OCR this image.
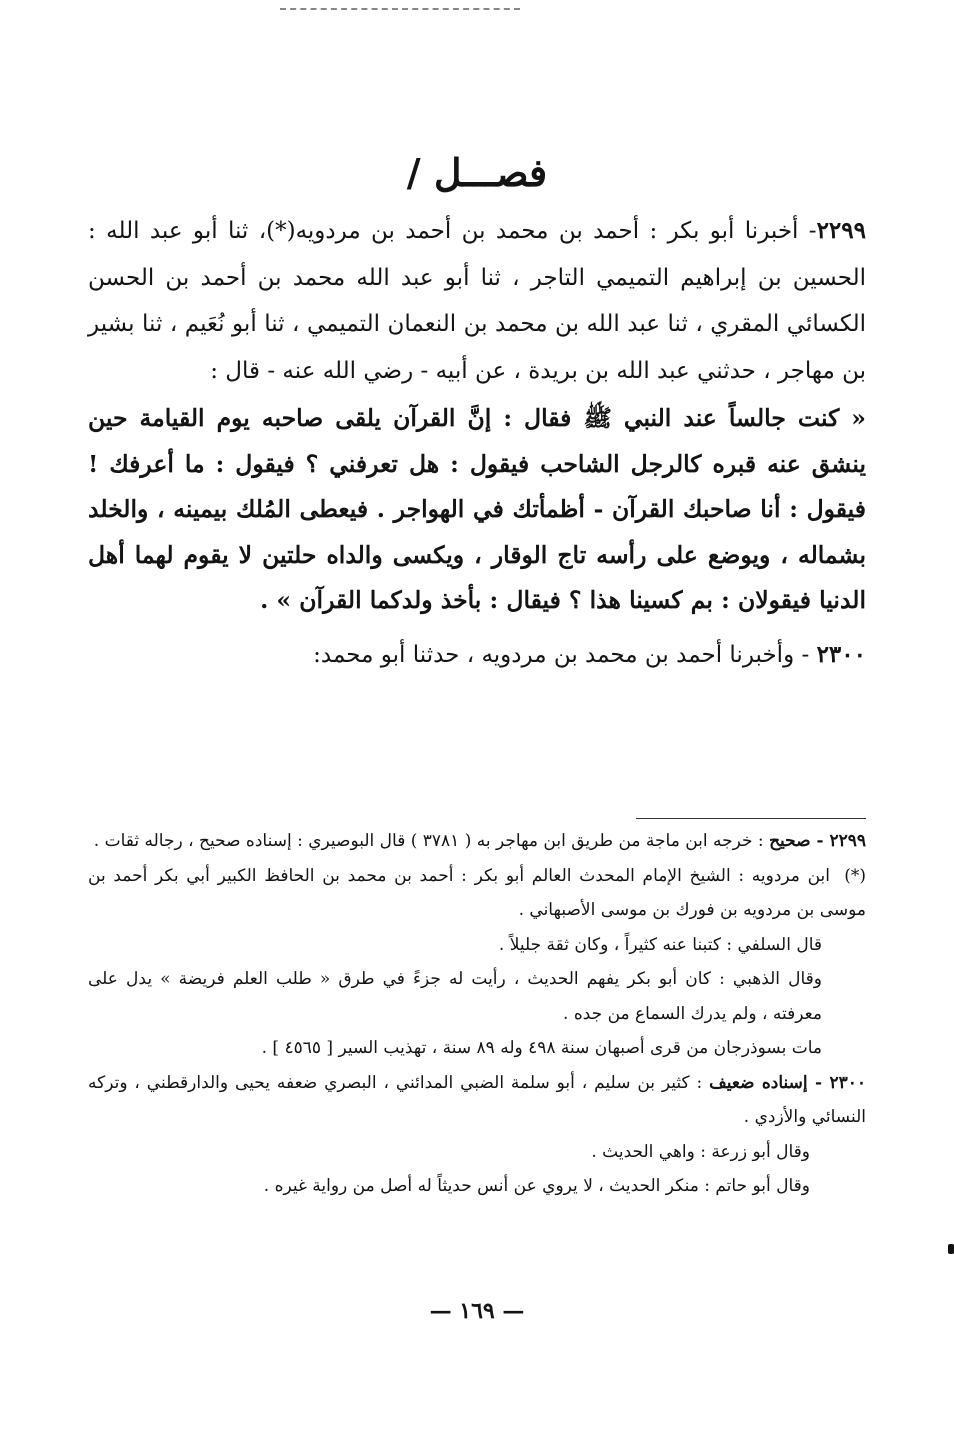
فصـــل /

٢٢٩٩- أخبرنا أبو بكر : أحمد بن محمد بن أحمد بن مردويه(*)، ثنا أبو عبد الله : الحسين بن إبراهيم التميمي التاجر ، ثنا أبو عبد الله محمد بن أحمد بن الحسن الكسائي المقري ، ثنا عبد الله بن محمد بن النعمان التميمي ، ثنا أبو نُعَيم ، ثنا بشير بن مهاجر ، حدثني عبد الله بن بريدة ، عن أبيه - رضي الله عنه - قال :

« كنت جالساً عند النبي ﷺ فقال : إنَّ القرآن يلقى صاحبه يوم القيامة حين ينشق عنه قبره كالرجل الشاحب فيقول : هل تعرفني ؟ فيقول : ما أعرفك ! فيقول : أنا صاحبك القرآن - أظمأتك في الهواجر . فيعطى المُلك بيمينه ، والخلد بشماله ، ويوضع على رأسه تاج الوقار ، ويكسى والداه حلتين لا يقوم لهما أهل الدنيا فيقولان : بم كسينا هذا ؟ فيقال : بأخذ ولدكما القرآن » .

٢٣٠٠ - وأخبرنا أحمد بن محمد بن مردويه ، حدثنا أبو محمد:

٢٢٩٩ - صحيح : خرجه ابن ماجة من طريق ابن مهاجر به ( ٣٧٨١ ) قال البوصيري : إسناده صحيح ، رجاله ثقات .

(*)ابن مردويه : الشيخ الإمام المحدث العالم أبو بكر : أحمد بن محمد بن الحافظ الكبير أبي بكر أحمد بن موسى بن مردويه بن فورك بن موسى الأصبهاني .

قال السلفي : كتبنا عنه كثيراً ، وكان ثقة جليلاً .

وقال الذهبي : كان أبو بكر يفهم الحديث ، رأيت له جزءً في طرق « طلب العلم فريضة » يدل على معرفته ، ولم يدرك السماع من جده .

مات بسوذرجان من قرى أصبهان سنة ٤٩٨ وله ٨٩ سنة ، تهذيب السير [ ٤٥٦٥ ] .

٢٣٠٠ - إسناده ضعيف : كثير بن سليم ، أبو سلمة الضبي المدائني ، البصري ضعفه يحيى والدارقطني ، وتركه النسائي والأزدي .

وقال أبو زرعة : واهي الحديث .

وقال أبو حاتم : منكر الحديث ، لا يروي عن أنس حديثاً له أصل من رواية غيره .

— ١٦٩ —
